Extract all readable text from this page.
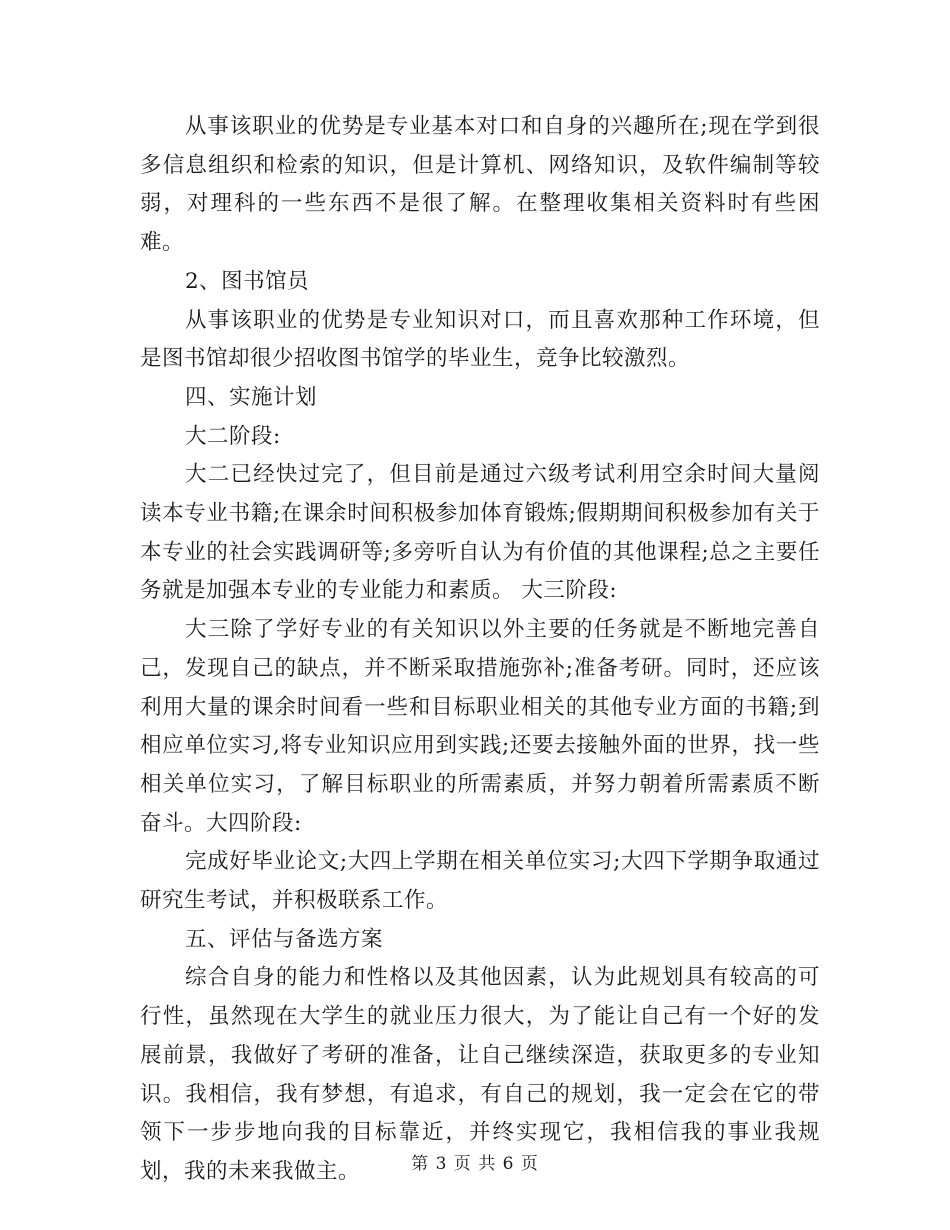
从事该职业的优势是专业基本对口和自身的兴趣所在;现在学到很多信息组织和检索的知识，但是计算机、网络知识，及软件编制等较弱，对理科的一些东西不是很了解。在整理收集相关资料时有些困难。

2、图书馆员

从事该职业的优势是专业知识对口，而且喜欢那种工作环境，但是图书馆却很少招收图书馆学的毕业生，竞争比较激烈。

四、实施计划

大二阶段:

大二已经快过完了，但目前是通过六级考试利用空余时间大量阅读本专业书籍;在课余时间积极参加体育锻炼;假期期间积极参加有关于本专业的社会实践调研等;多旁听自认为有价值的其他课程;总之主要任务就是加强本专业的专业能力和素质。 大三阶段:

大三除了学好专业的有关知识以外主要的任务就是不断地完善自己，发现自己的缺点，并不断采取措施弥补;准备考研。同时，还应该利用大量的课余时间看一些和目标职业相关的其他专业方面的书籍;到相应单位实习,将专业知识应用到实践;还要去接触外面的世界，找一些相关单位实习，了解目标职业的所需素质，并努力朝着所需素质不断奋斗。大四阶段:

完成好毕业论文;大四上学期在相关单位实习;大四下学期争取通过研究生考试，并积极联系工作。

五、评估与备选方案

综合自身的能力和性格以及其他因素，认为此规划具有较高的可行性，虽然现在大学生的就业压力很大，为了能让自己有一个好的发展前景，我做好了考研的准备，让自己继续深造，获取更多的专业知识。我相信，我有梦想，有追求，有自己的规划，我一定会在它的带领下一步步地向我的目标靠近，并终实现它，我相信我的事业我规划，我的未来我做主。	第 3 页 共 6 页
